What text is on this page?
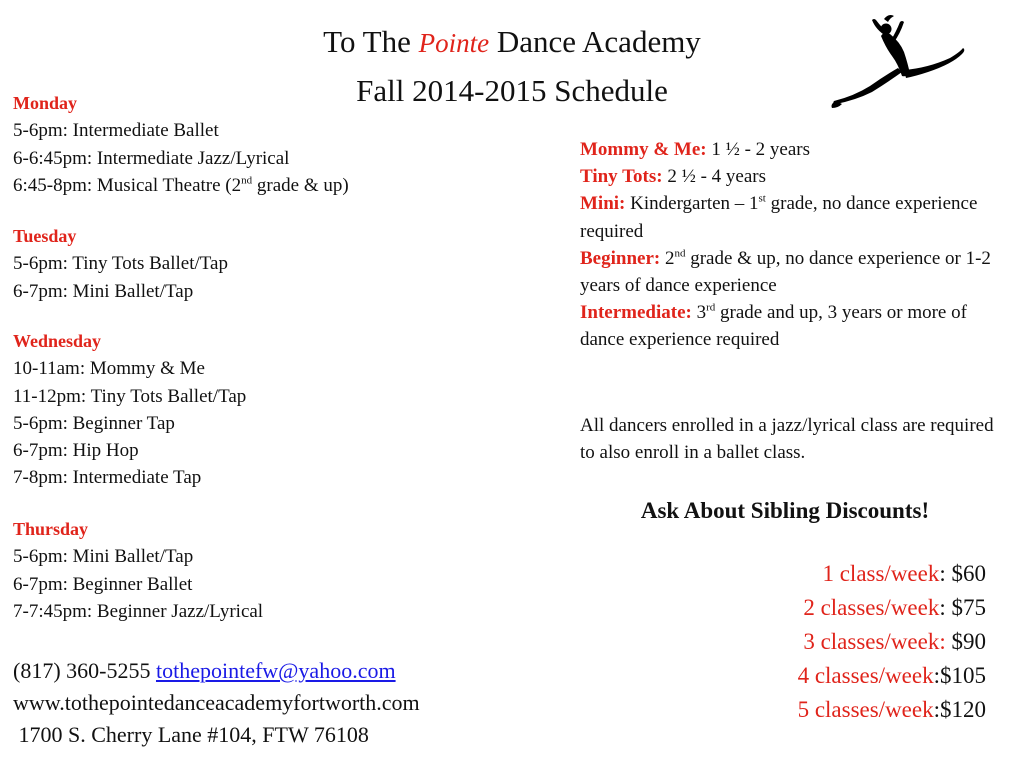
To The Pointe Dance Academy
Fall 2014-2015 Schedule
Monday
5-6pm: Intermediate Ballet
6-6:45pm: Intermediate Jazz/Lyrical
6:45-8pm: Musical Theatre (2nd grade & up)
Tuesday
5-6pm: Tiny Tots Ballet/Tap
6-7pm: Mini Ballet/Tap
Wednesday
10-11am: Mommy & Me
11-12pm: Tiny Tots Ballet/Tap
5-6pm: Beginner Tap
6-7pm: Hip Hop
7-8pm: Intermediate Tap
Thursday
5-6pm: Mini Ballet/Tap
6-7pm: Beginner Ballet
7-7:45pm: Beginner Jazz/Lyrical
(817) 360-5255 tothepointefw@yahoo.com
www.tothepointedanceacademyfortworth.com
1700 S. Cherry Lane #104, FTW 76108
Mommy & Me: 1 ½ - 2 years
Tiny Tots: 2 ½ - 4 years
Mini: Kindergarten – 1st grade, no dance experience required
Beginner: 2nd grade & up, no dance experience or 1-2 years of dance experience
Intermediate: 3rd grade and up, 3 years or more of dance experience required
All dancers enrolled in a jazz/lyrical class are required to also enroll in a ballet class.
Ask About Sibling Discounts!
1 class/week: $60
2 classes/week: $75
3 classes/week: $90
4 classes/week:$105
5 classes/week:$120
